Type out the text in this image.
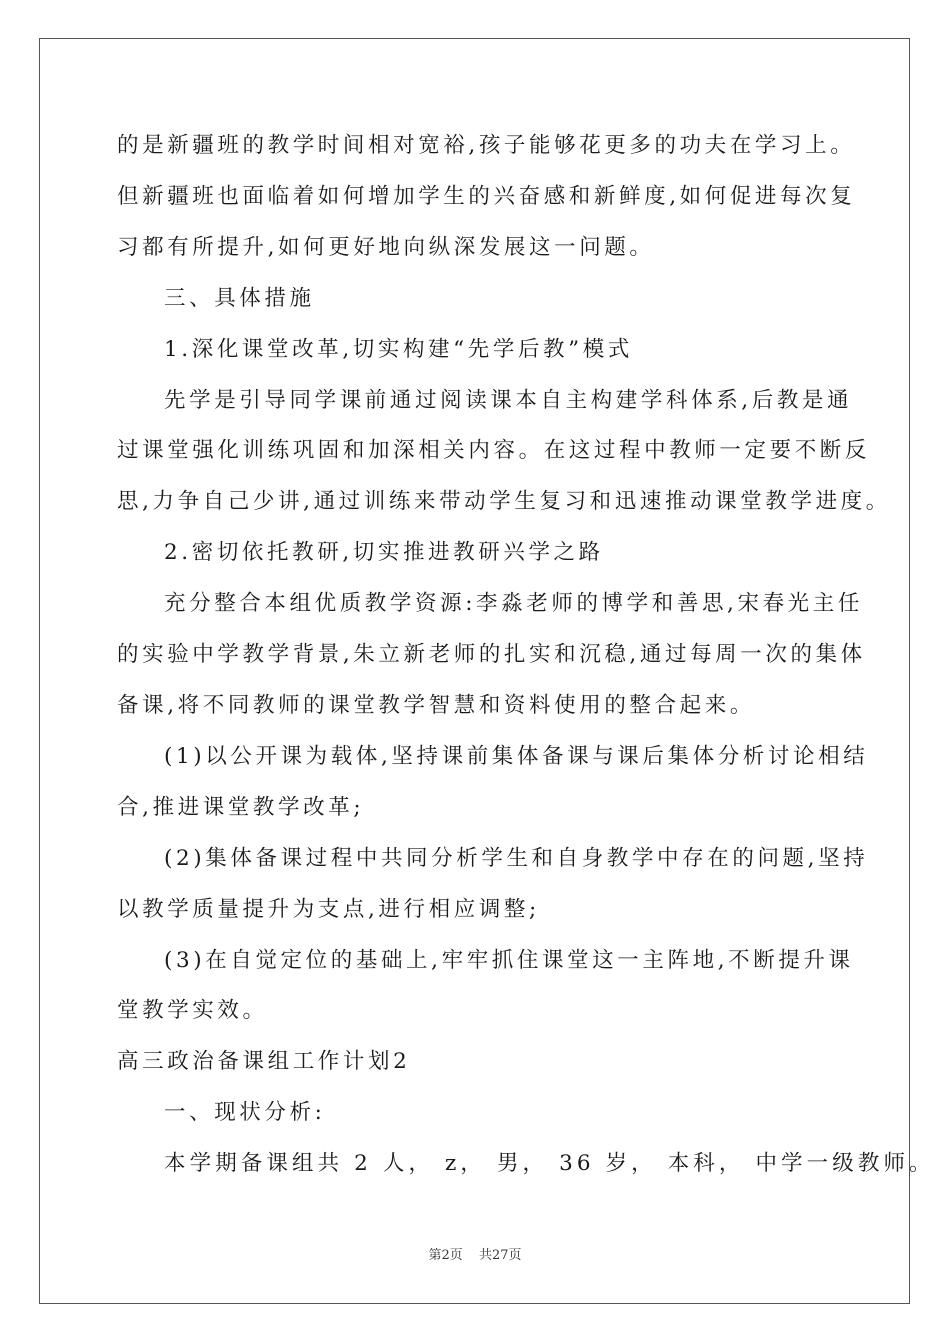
的是新疆班的教学时间相对宽裕,孩子能够花更多的功夫在学习上。
但新疆班也面临着如何增加学生的兴奋感和新鲜度,如何促进每次复
习都有所提升,如何更好地向纵深发展这一问题。
三、具体措施
1.深化课堂改革,切实构建“先学后教”模式
先学是引导同学课前通过阅读课本自主构建学科体系,后教是通
过课堂强化训练巩固和加深相关内容。在这过程中教师一定要不断反
思,力争自己少讲,通过训练来带动学生复习和迅速推动课堂教学进度。
2.密切依托教研,切实推进教研兴学之路
充分整合本组优质教学资源:李淼老师的博学和善思,宋春光主任
的实验中学教学背景,朱立新老师的扎实和沉稳,通过每周一次的集体
备课,将不同教师的课堂教学智慧和资料使用的整合起来。
(1)以公开课为载体,坚持课前集体备课与课后集体分析讨论相结
合,推进课堂教学改革;
(2)集体备课过程中共同分析学生和自身教学中存在的问题,坚持
以教学质量提升为支点,进行相应调整;
(3)在自觉定位的基础上,牢牢抓住课堂这一主阵地,不断提升课
堂教学实效。
高三政治备课组工作计划2
一、现状分析:
本学期备课组共 2 人， z， 男， 36 岁， 本科， 中学一级教师。
第2页 共27页
